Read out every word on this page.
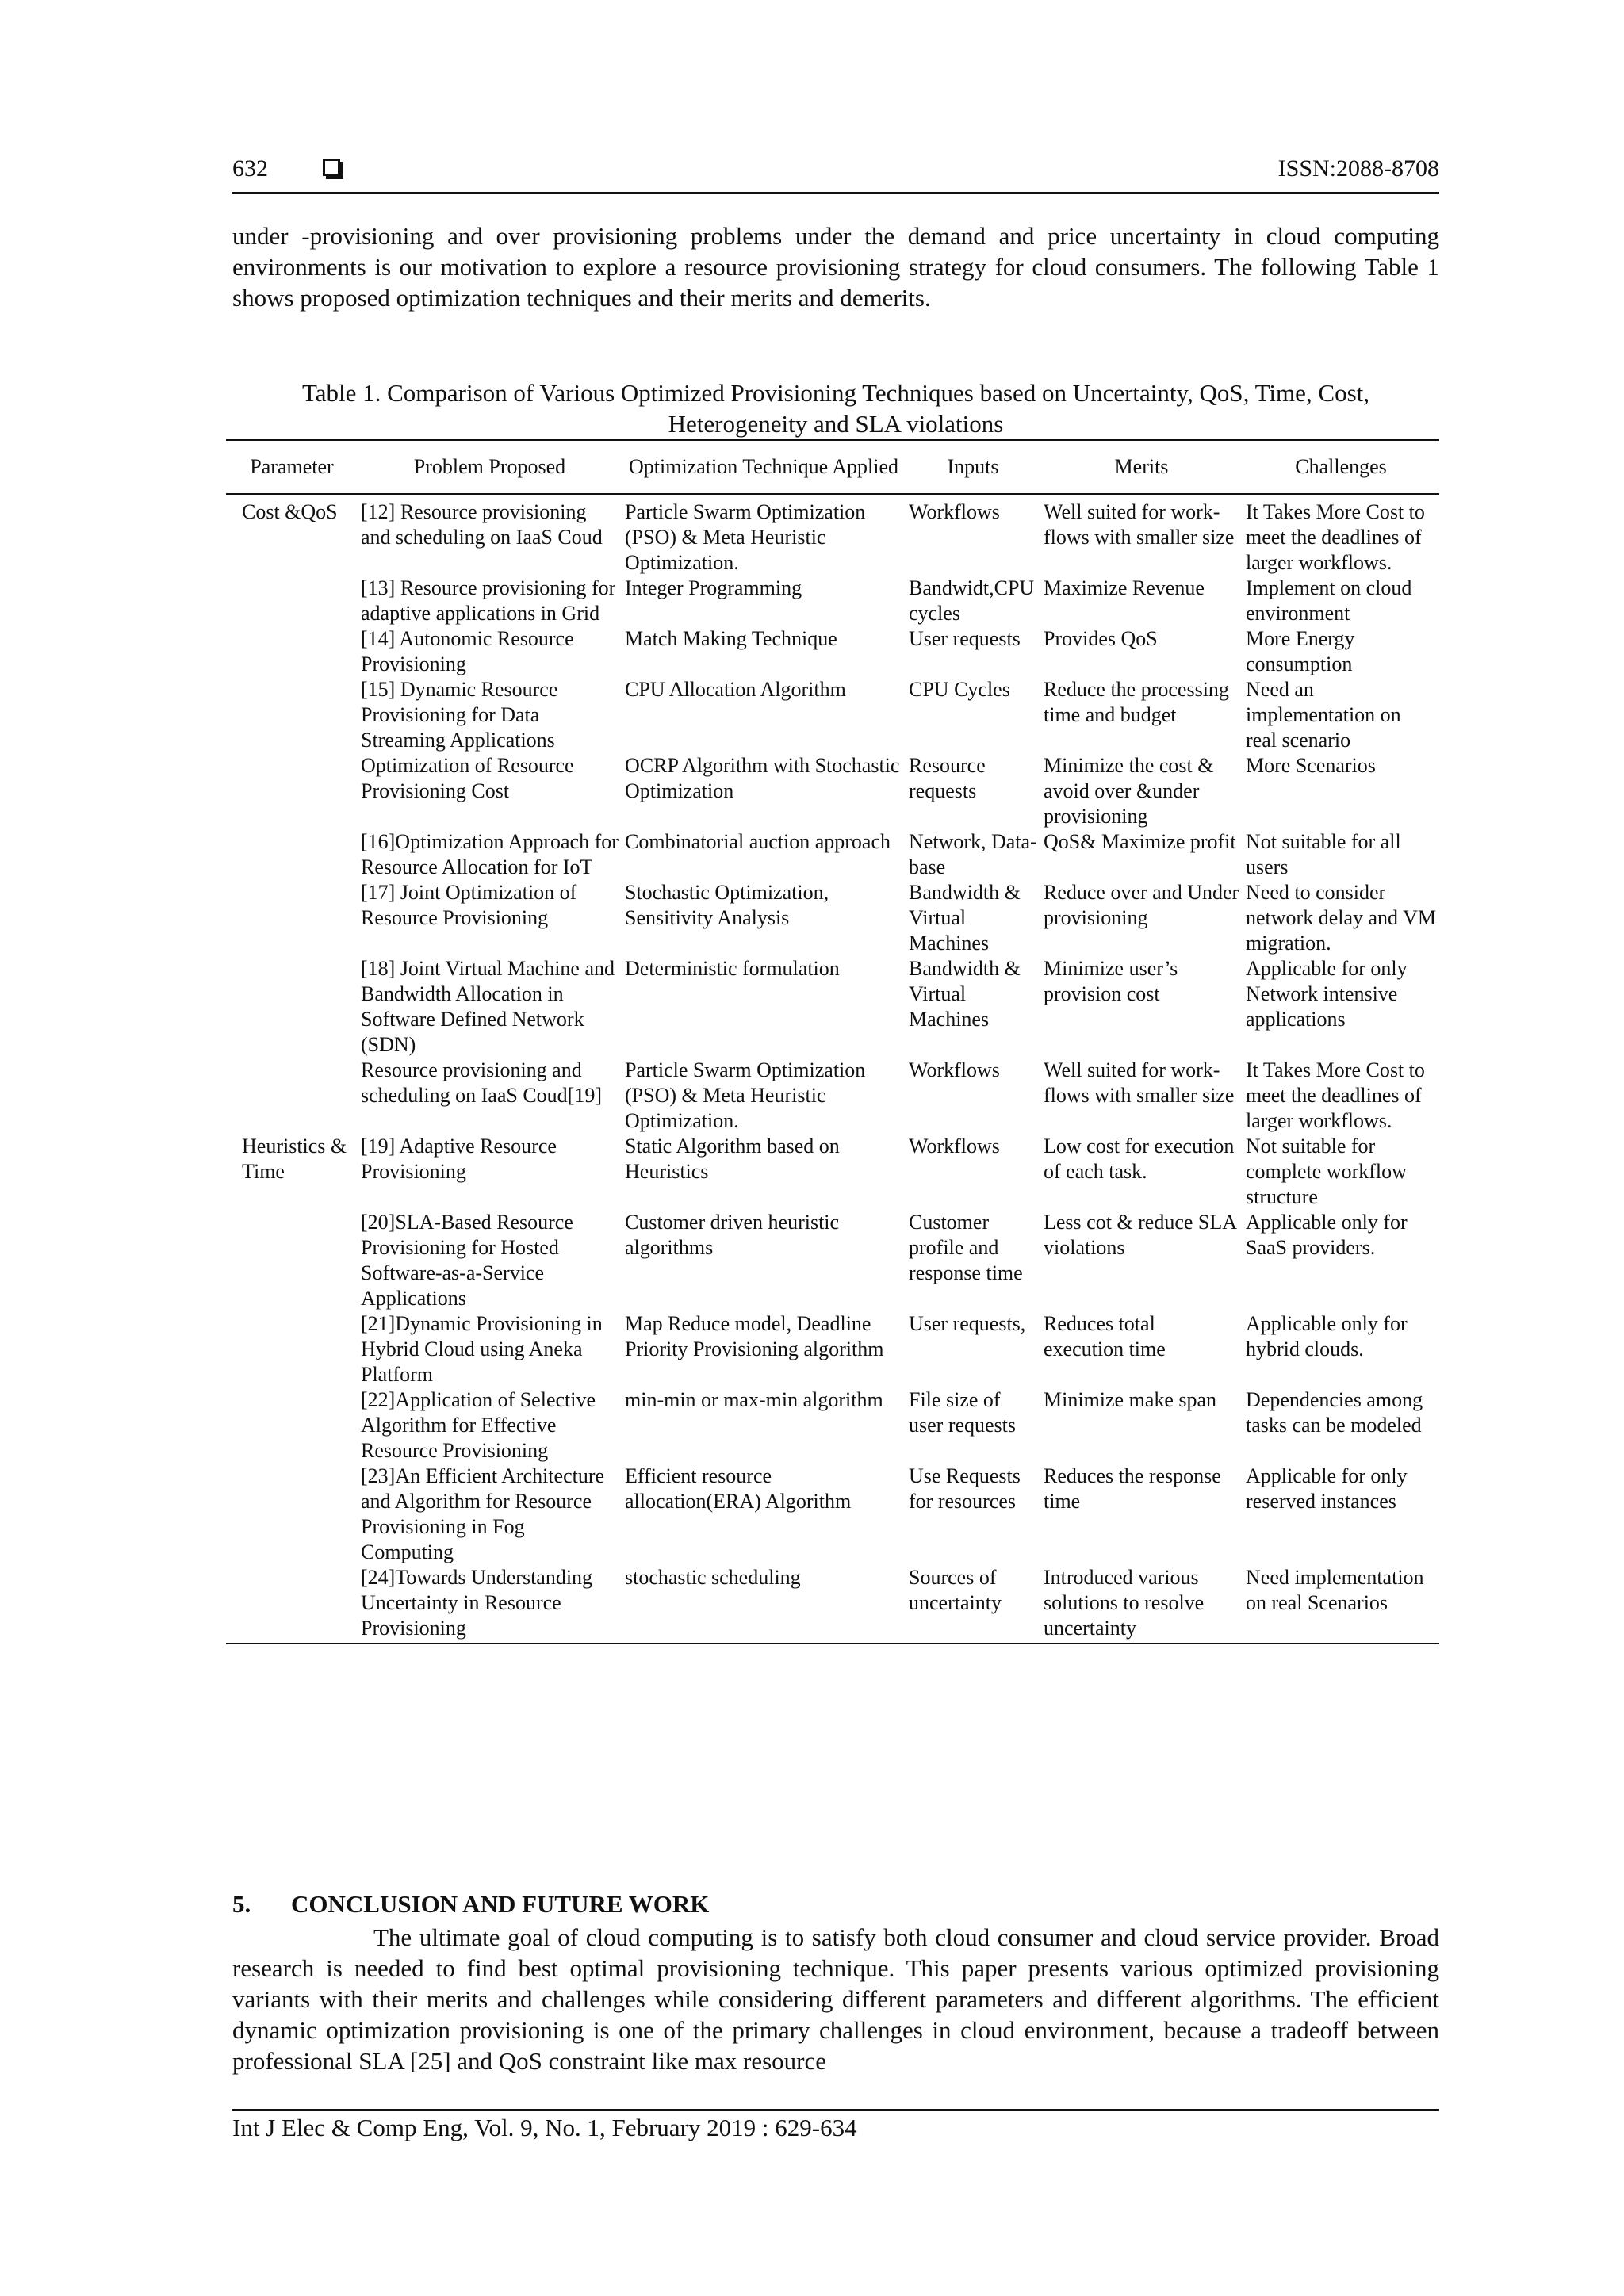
632	ISSN:2088-8708

under -provisioning and over provisioning problems under the demand and price uncertainty in cloud computing environments is our motivation to explore a resource provisioning strategy for cloud consumers. The following Table 1 shows proposed optimization techniques and their merits and demerits.

Table 1. Comparison of Various Optimized Provisioning Techniques based on Uncertainty, QoS, Time, Cost,
Heterogeneity and SLA violations
Parameter	Problem Proposed	Optimization Technique Applied	Inputs	Merits	Challenges
Cost &QoS	[12] Resource provisioning and scheduling on IaaS Coud	Particle Swarm Optimization (PSO) & Meta Heuristic Optimization.	Workflows	Well suited for work-flows with smaller size	It Takes More Cost to meet the deadlines of larger workflows.
	[13] Resource provisioning for adaptive applications in Grid	Integer Programming	Bandwidt,CPU cycles	Maximize Revenue	Implement on cloud environment
	[14] Autonomic Resource Provisioning	Match Making Technique	User requests	Provides QoS	More Energy consumption
	[15] Dynamic Resource Provisioning for Data Streaming Applications	CPU Allocation Algorithm	CPU Cycles	Reduce the processing time and budget	Need an implementation on real scenario
	Optimization of Resource Provisioning Cost	OCRP Algorithm with Stochastic Optimization	Resource requests	Minimize the cost & avoid over &under provisioning	More Scenarios
	[16]Optimization Approach for Resource Allocation for IoT	Combinatorial auction approach	Network, Data-base	QoS& Maximize profit	Not suitable for all users
	[17] Joint Optimization of Resource Provisioning	Stochastic Optimization, Sensitivity Analysis	Bandwidth & Virtual Machines	Reduce over and Under provisioning	Need to consider network delay and VM migration.
	[18] Joint Virtual Machine and Bandwidth Allocation in Software Defined Network (SDN)	Deterministic formulation	Bandwidth & Virtual Machines	Minimize user’s provision cost	Applicable for only Network intensive applications
	Resource provisioning and scheduling on IaaS Coud[19]	Particle Swarm Optimization (PSO) & Meta Heuristic Optimization.	Workflows	Well suited for work-flows with smaller size	It Takes More Cost to meet the deadlines of larger workflows.
Heuristics & Time	[19] Adaptive Resource Provisioning	Static Algorithm based on Heuristics	Workflows	Low cost for execution of each task.	Not suitable for complete workflow structure
	[20]SLA-Based Resource Provisioning for Hosted Software-as-a-Service Applications	Customer driven heuristic algorithms	Customer profile and response time	Less cot & reduce SLA violations	Applicable only for SaaS providers.
	[21]Dynamic Provisioning in Hybrid Cloud using Aneka Platform	Map Reduce model, Deadline Priority Provisioning algorithm	User requests,	Reduces total execution time	Applicable only for hybrid clouds.
	[22]Application of Selective Algorithm for Effective Resource Provisioning	min-min or max-min algorithm	File size of user requests	Minimize make span	Dependencies among tasks can be modeled
	[23]An Efficient Architecture and Algorithm for Resource Provisioning in Fog Computing	Efficient resource allocation(ERA) Algorithm	Use Requests for resources	Reduces the response time	Applicable for only reserved instances
	[24]Towards Understanding Uncertainty in Resource Provisioning	stochastic scheduling	Sources of uncertainty	Introduced various solutions to resolve uncertainty	Need implementation on real Scenarios
5. CONCLUSION AND FUTURE WORK

The ultimate goal of cloud computing is to satisfy both cloud consumer and cloud service provider. Broad research is needed to find best optimal provisioning technique. This paper presents various optimized provisioning variants with their merits and challenges while considering different parameters and different algorithms. The efficient dynamic optimization provisioning is one of the primary challenges in cloud environment, because a tradeoff between professional SLA [25] and QoS constraint like max resource

Int J Elec & Comp Eng, Vol. 9, No. 1, February 2019 : 629-634
